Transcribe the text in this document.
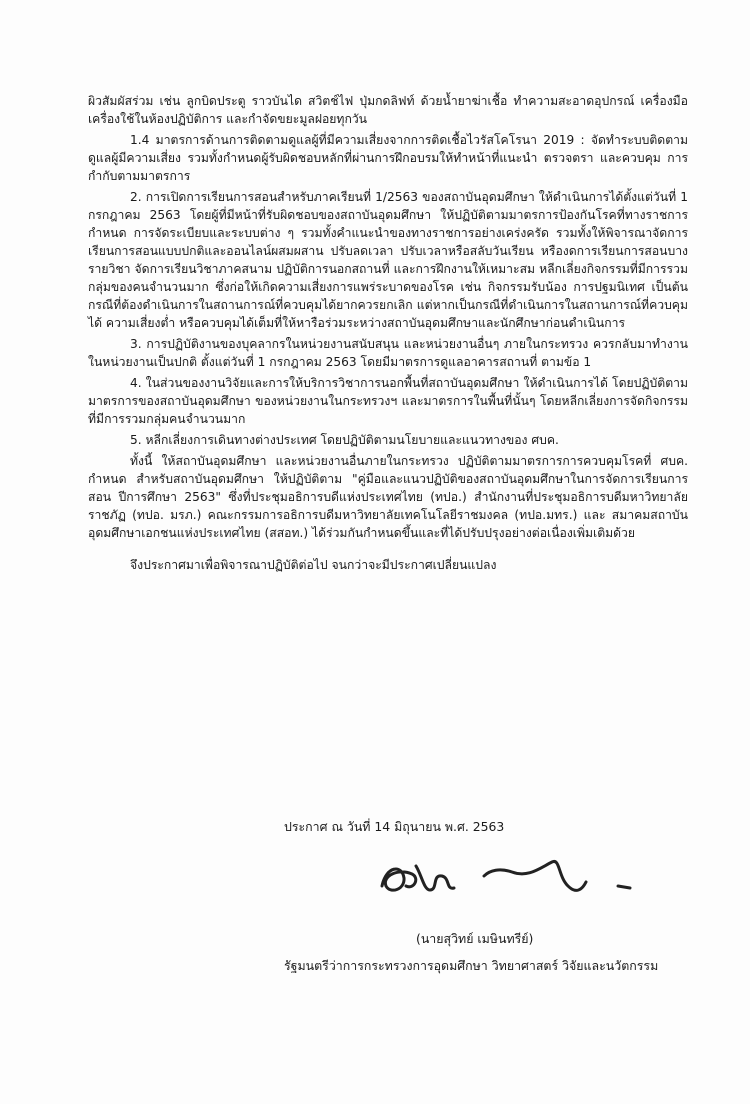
ผิวสัมผัสร่วม เช่น ลูกบิดประตู ราวบันได สวิตช์ไฟ ปุ่มกดลิฟท์ ด้วยน้ำยาฆ่าเชื้อ ทำความสะอาดอุปกรณ์ เครื่องมือ เครื่องใช้ในห้องปฏิบัติการ และกำจัดขยะมูลฝอยทุกวัน

1.4 มาตรการด้านการติดตามดูแลผู้ที่มีความเสี่ยงจากการติดเชื้อไวรัสโคโรนา 2019 : จัดทำระบบติดตามดูแลผู้มีความเสี่ยง รวมทั้งกำหนดผู้รับผิดชอบหลักที่ผ่านการฝึกอบรมให้ทำหน้าที่แนะนำ ตรวจตรา และควบคุม การกำกับตามมาตรการ

2. การเปิดการเรียนการสอนสำหรับภาคเรียนที่ 1/2563 ของสถาบันอุดมศึกษา ให้ดำเนินการได้ตั้งแต่วันที่ 1 กรกฎาคม 2563 โดยผู้ที่มีหน้าที่รับผิดชอบของสถาบันอุดมศึกษา ให้ปฏิบัติตามมาตรการป้องกันโรคที่ทางราชการกำหนด การจัดระเบียบและระบบต่าง ๆ รวมทั้งคำแนะนำของทางราชการอย่างเคร่งครัด รวมทั้งให้พิจารณาจัดการเรียนการสอนแบบปกติและออนไลน์ผสมผสาน ปรับลดเวลา ปรับเวลาหรือสลับวันเรียน หรืองดการเรียนการสอนบางรายวิชา จัดการเรียนวิชาภาคสนาม ปฏิบัติการนอกสถานที่ และการฝึกงานให้เหมาะสม หลีกเลี่ยงกิจกรรมที่มีการรวมกลุ่มของคนจำนวนมาก ซึ่งก่อให้เกิดความเสี่ยงการแพร่ระบาดของโรค เช่น กิจกรรมรับน้อง การปฐมนิเทศ เป็นต้น กรณีที่ต้องดำเนินการในสถานการณ์ที่ควบคุมได้ยากควรยกเลิก แต่หากเป็นกรณีที่ดำเนินการในสถานการณ์ที่ควบคุมได้ ความเสี่ยงต่ำ หรือควบคุมได้เต็มที่ให้หารือร่วมระหว่างสถาบันอุดมศึกษาและนักศึกษาก่อนดำเนินการ

3. การปฏิบัติงานของบุคลากรในหน่วยงานสนับสนุน และหน่วยงานอื่นๆ ภายในกระทรวง ควรกลับมาทำงานในหน่วยงานเป็นปกติ ตั้งแต่วันที่ 1 กรกฎาคม 2563 โดยมีมาตรการดูแลอาคารสถานที่ ตามข้อ 1

4. ในส่วนของงานวิจัยและการให้บริการวิชาการนอกพื้นที่สถาบันอุดมศึกษา ให้ดำเนินการได้ โดยปฏิบัติตามมาตรการของสถาบันอุดมศึกษา ของหน่วยงานในกระทรวงฯ และมาตรการในพื้นที่นั้นๆ โดยหลีกเลี่ยงการจัดกิจกรรมที่มีการรวมกลุ่มคนจำนวนมาก

5. หลีกเลี่ยงการเดินทางต่างประเทศ โดยปฏิบัติตามนโยบายและแนวทางของ ศบค.

ทั้งนี้ ให้สถาบันอุดมศึกษา และหน่วยงานอื่นภายในกระทรวง ปฏิบัติตามมาตรการการควบคุมโรคที่ ศบค. กำหนด สำหรับสถาบันอุดมศึกษา ให้ปฏิบัติตาม "คู่มือและแนวปฏิบัติของสถาบันอุดมศึกษาในการจัดการเรียนการสอน ปีการศึกษา 2563" ซึ่งที่ประชุมอธิการบดีแห่งประเทศไทย (ทปอ.) สำนักงานที่ประชุมอธิการบดีมหาวิทยาลัยราชภัฏ (ทปอ. มรภ.) คณะกรรมการอธิการบดีมหาวิทยาลัยเทคโนโลยีราชมงคล (ทปอ.มทร.) และ สมาคมสถาบันอุดมศึกษาเอกชนแห่งประเทศไทย (สสอท.) ได้ร่วมกันกำหนดขึ้นและที่ได้ปรับปรุงอย่างต่อเนื่องเพิ่มเติมด้วย

จึงประกาศมาเพื่อพิจารณาปฏิบัติต่อไป จนกว่าจะมีประกาศเปลี่ยนแปลง

ประกาศ ณ วันที่ 14 มิถุนายน พ.ศ. 2563
(นายสุวิทย์ เมษินทรีย์)
รัฐมนตรีว่าการกระทรวงการอุดมศึกษา วิทยาศาสตร์ วิจัยและนวัตกรรม
